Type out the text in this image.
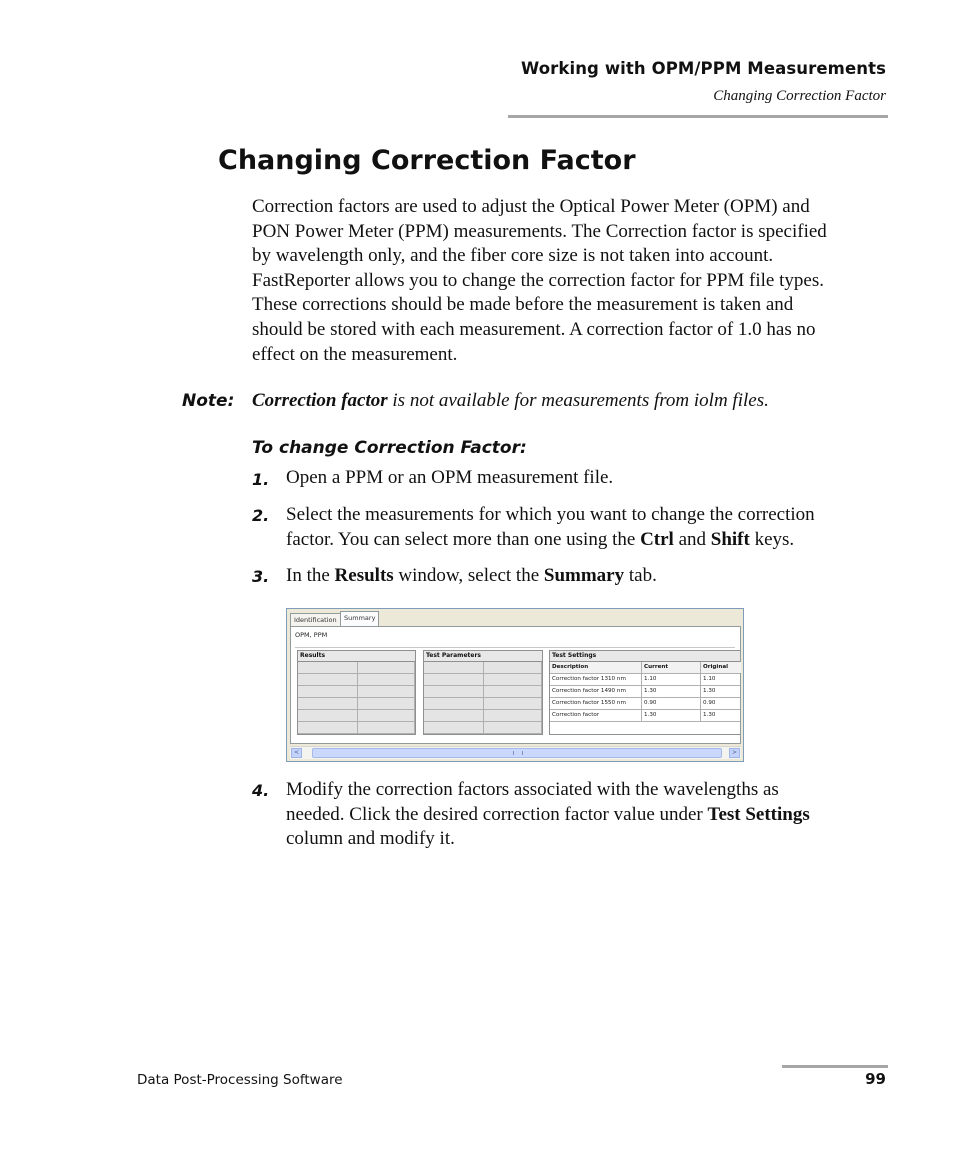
Working with OPM/PPM Measurements
Changing Correction Factor
Changing Correction Factor
Correction factors are used to adjust the Optical Power Meter (OPM) and
PON Power Meter (PPM) measurements. The Correction factor is specified
by wavelength only, and the fiber core size is not taken into account.
FastReporter allows you to change the correction factor for PPM file types.
These corrections should be made before the measurement is taken and
should be stored with each measurement. A correction factor of 1.0 has no
effect on the measurement.
Note: Correction factor is not available for measurements from iolm files.
To change Correction Factor:
1. Open a PPM or an OPM measurement file.
2. Select the measurements for which you want to change the correction
factor. You can select more than one using the Ctrl and Shift keys.
3. In the Results window, select the Summary tab.
Identification	Summary
OPM, PPM
Results	Test Parameters	Test Settings
Description	Current	Original
Correction factor 1310 nm	1.10	1.10
Correction factor 1490 nm	1.30	1.30
Correction factor 1550 nm	0.90	0.90
Correction factor	1.30	1.30
<	>
4. Modify the correction factors associated with the wavelengths as
needed. Click the desired correction factor value under Test Settings
column and modify it.
Data Post-Processing Software	99
